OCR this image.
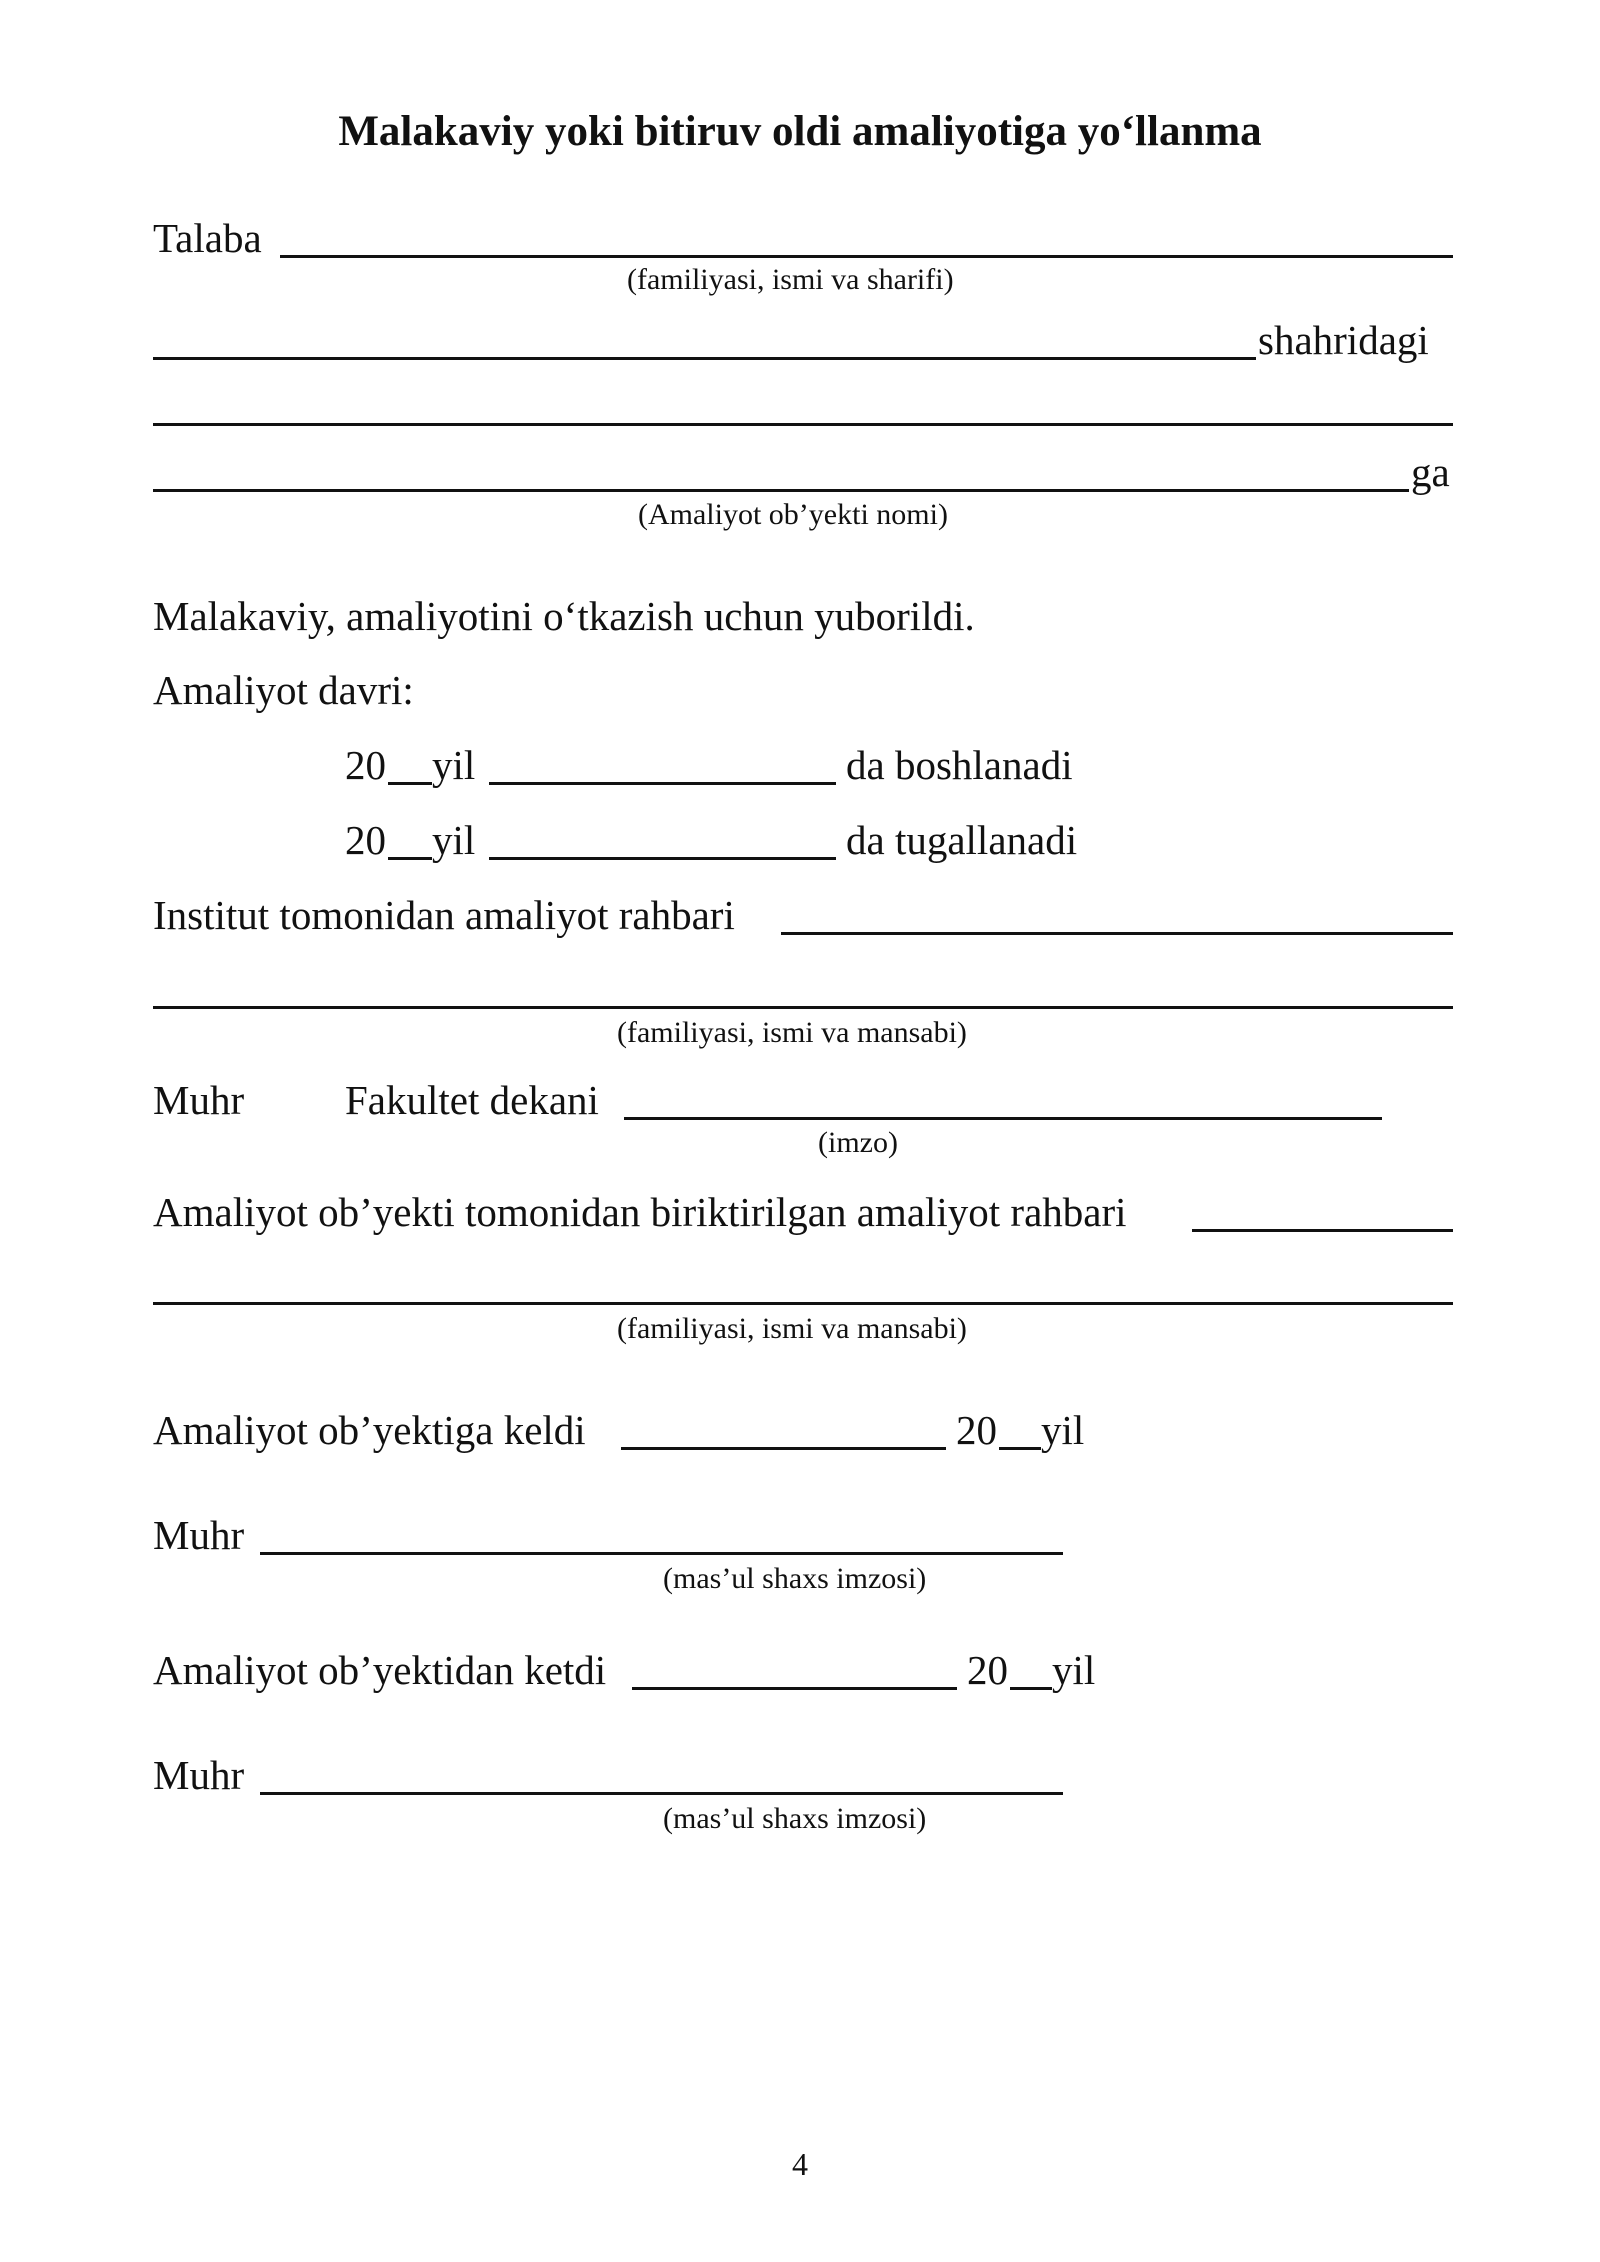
Malakaviy yoki bitiruv oldi amaliyotiga yo‘llanma
Talaba
(familiyasi, ismi va sharifi)
shahridagi
ga
(Amaliyot ob’yekti nomi)
Malakaviy, amaliyotini o‘tkazish uchun yuborildi.
Amaliyot davri:
20 yil	da boshlanadi
20 yil	da tugallanadi
Institut tomonidan amaliyot rahbari
(familiyasi, ismi va mansabi)
Muhr Fakultet dekani
(imzo)
Amaliyot ob’yekti tomonidan biriktirilgan amaliyot rahbari
(familiyasi, ismi va mansabi)
Amaliyot ob’yektiga keldi	20 yil
Muhr
(mas’ul shaxs imzosi)
Amaliyot ob’yektidan ketdi	20 yil
Muhr
(mas’ul shaxs imzosi)
4
